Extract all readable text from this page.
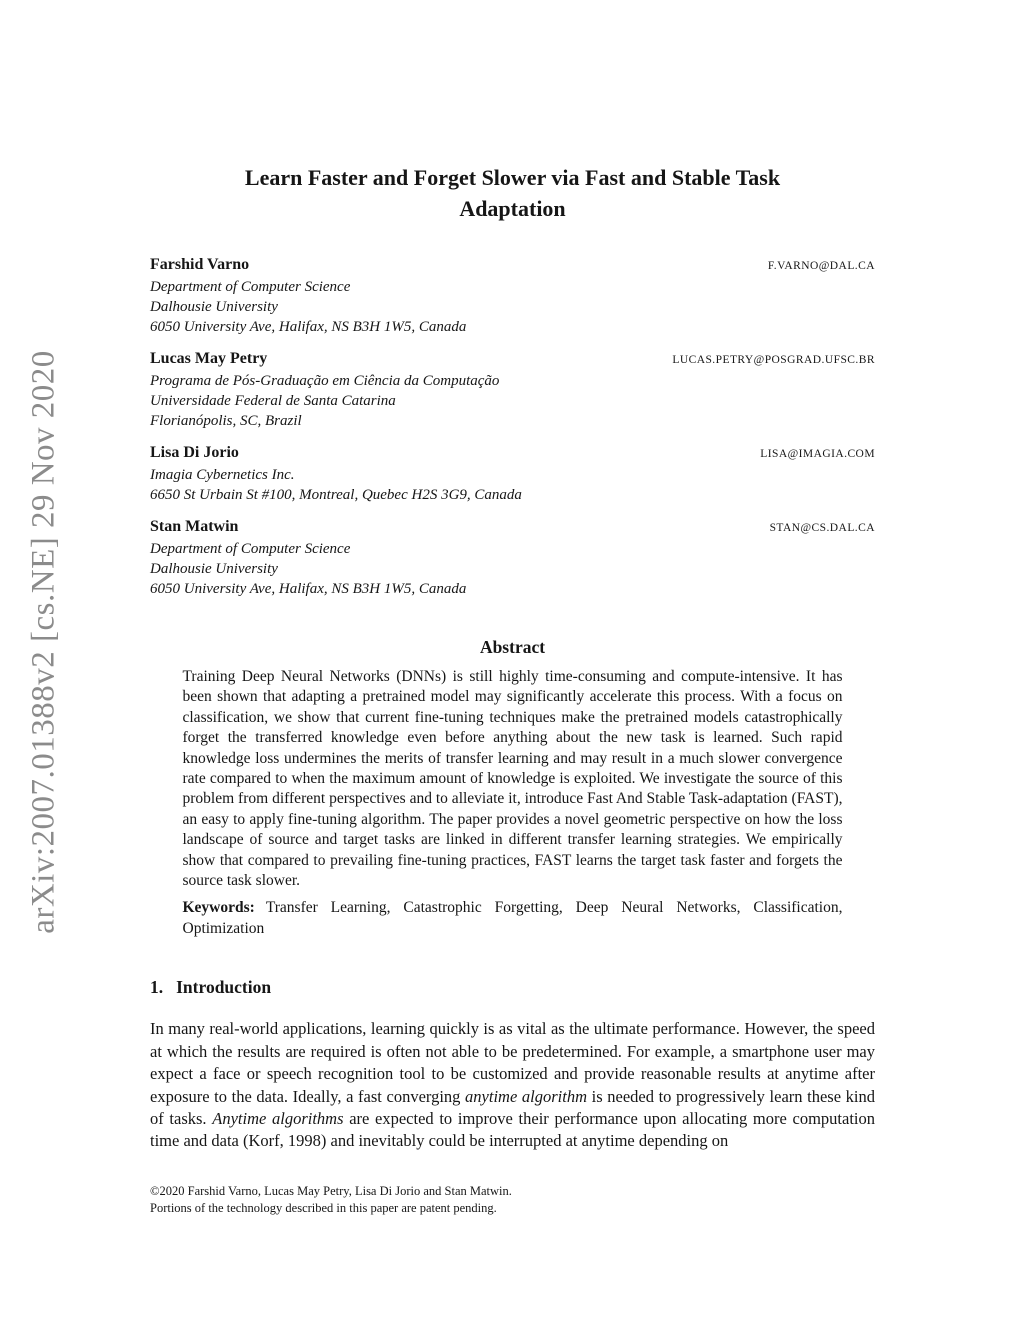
arXiv:2007.01388v2 [cs.NE] 29 Nov 2020
Learn Faster and Forget Slower via Fast and Stable Task
Adaptation
Farshid Varno	F.VARNO@DAL.CA
Department of Computer Science
Dalhousie University
6050 University Ave, Halifax, NS B3H 1W5, Canada
Lucas May Petry	LUCAS.PETRY@POSGRAD.UFSC.BR
Programa de Pós-Graduação em Ciência da Computação
Universidade Federal de Santa Catarina
Florianópolis, SC, Brazil
Lisa Di Jorio	LISA@IMAGIA.COM
Imagia Cybernetics Inc.
6650 St Urbain St #100, Montreal, Quebec H2S 3G9, Canada
Stan Matwin	STAN@CS.DAL.CA
Department of Computer Science
Dalhousie University
6050 University Ave, Halifax, NS B3H 1W5, Canada
Abstract

Training Deep Neural Networks (DNNs) is still highly time-consuming and compute-intensive. It has been shown that adapting a pretrained model may significantly accelerate this process. With a focus on classification, we show that current fine-tuning techniques make the pretrained models catastrophically forget the transferred knowledge even before anything about the new task is learned. Such rapid knowledge loss undermines the merits of transfer learning and may result in a much slower convergence rate compared to when the maximum amount of knowledge is exploited. We investigate the source of this problem from different perspectives and to alleviate it, introduce Fast And Stable Task-adaptation (FAST), an easy to apply fine-tuning algorithm. The paper provides a novel geometric perspective on how the loss landscape of source and target tasks are linked in different transfer learning strategies. We empirically show that compared to prevailing fine-tuning practices, FAST learns the target task faster and forgets the source task slower.

Keywords: Transfer Learning, Catastrophic Forgetting, Deep Neural Networks, Classification, Optimization

1. Introduction

In many real-world applications, learning quickly is as vital as the ultimate performance. However, the speed at which the results are required is often not able to be predetermined. For example, a smartphone user may expect a face or speech recognition tool to be customized and provide reasonable results at anytime after exposure to the data. Ideally, a fast converging anytime algorithm is needed to progressively learn these kind of tasks. Anytime algorithms are expected to improve their performance upon allocating more computation time and data (Korf, 1998) and inevitably could be interrupted at anytime depending on

©2020 Farshid Varno, Lucas May Petry, Lisa Di Jorio and Stan Matwin.
Portions of the technology described in this paper are patent pending.
